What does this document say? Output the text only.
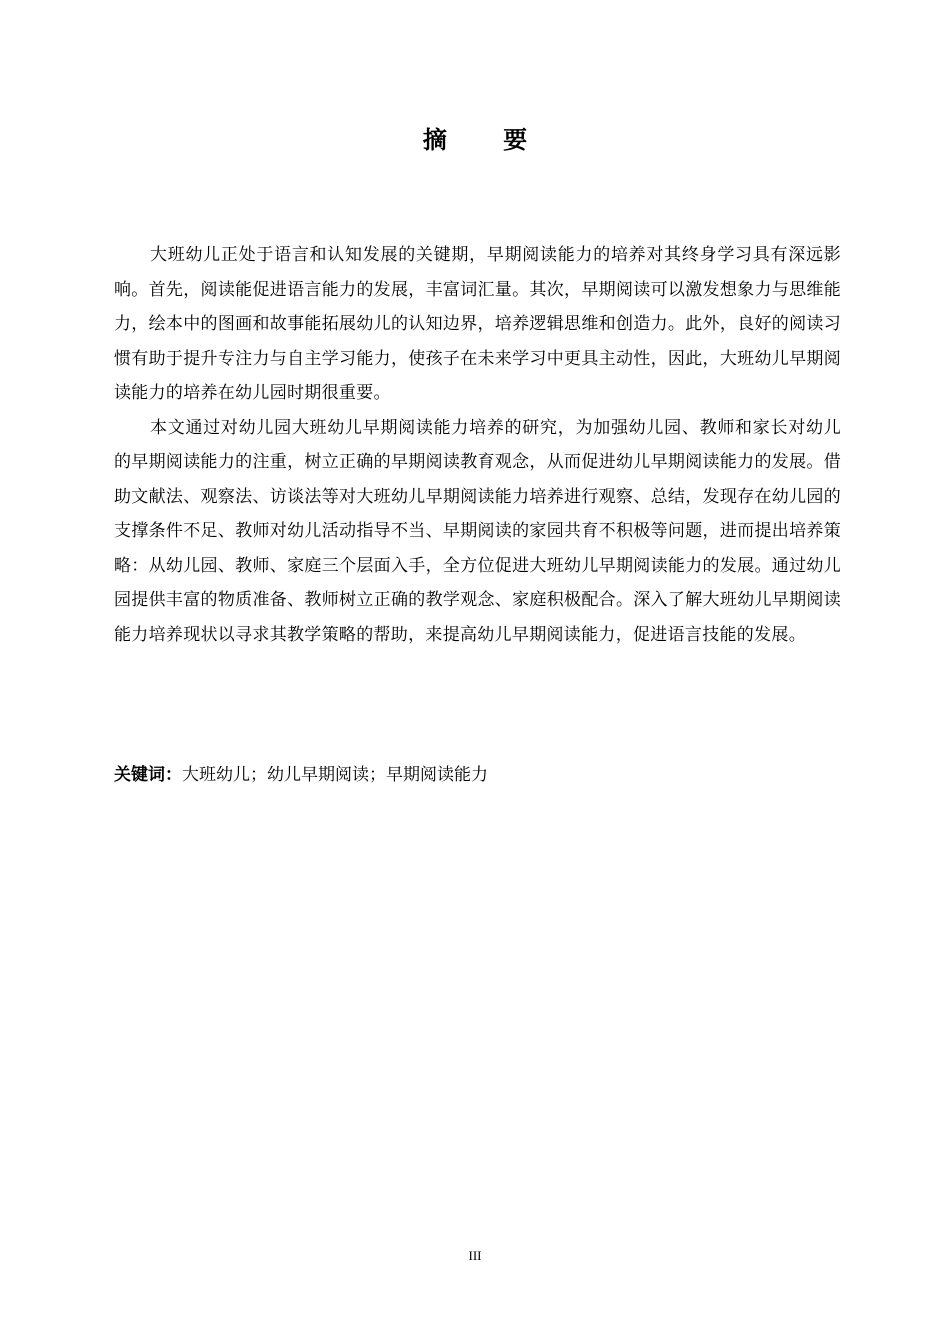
摘 要

大班幼儿正处于语言和认知发展的关键期，早期阅读能力的培养对其终身学习具有深远影响。首先，阅读能促进语言能力的发展，丰富词汇量。其次，早期阅读可以激发想象力与思维能力，绘本中的图画和故事能拓展幼儿的认知边界，培养逻辑思维和创造力。此外，良好的阅读习惯有助于提升专注力与自主学习能力，使孩子在未来学习中更具主动性，因此，大班幼儿早期阅读能力的培养在幼儿园时期很重要。

本文通过对幼儿园大班幼儿早期阅读能力培养的研究，为加强幼儿园、教师和家长对幼儿的早期阅读能力的注重，树立正确的早期阅读教育观念，从而促进幼儿早期阅读能力的发展。借助文献法、观察法、访谈法等对大班幼儿早期阅读能力培养进行观察、总结，发现存在幼儿园的支撑条件不足、教师对幼儿活动指导不当、早期阅读的家园共育不积极等问题，进而提出培养策略：从幼儿园、教师、家庭三个层面入手，全方位促进大班幼儿早期阅读能力的发展。通过幼儿园提供丰富的物质准备、教师树立正确的教学观念、家庭积极配合。深入了解大班幼儿早期阅读能力培养现状以寻求其教学策略的帮助，来提高幼儿早期阅读能力，促进语言技能的发展。

关键词：大班幼儿；幼儿早期阅读；早期阅读能力

III
